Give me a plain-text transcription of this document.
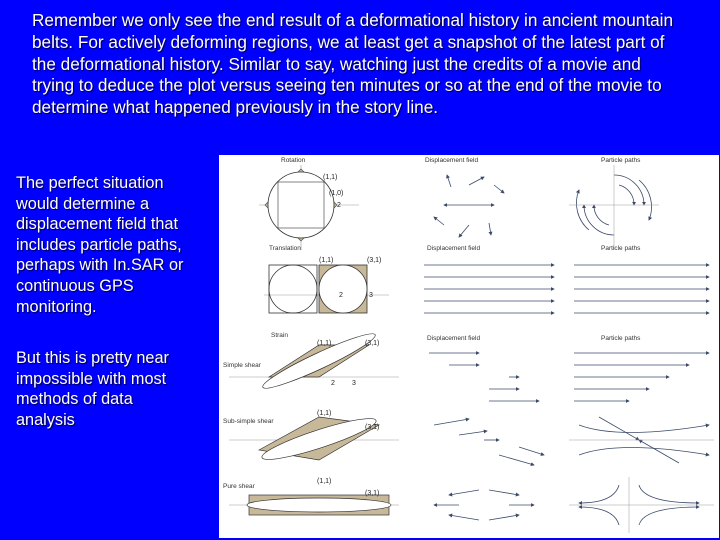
Remember we only see the end result of a deformational history in ancient mountain belts. For actively deforming regions, we at least get a snapshot of the latest part of the deformational history. Similar to say, watching just the credits of a movie and trying to deduce the plot versus seeing ten minutes or so at the end of the movie to determine what happened previously in the story line.
The perfect situation would determine a displacement field that includes particle paths, perhaps with In.SAR or continuous GPS monitoring.
But this is pretty near impossible with most methods of data analysis
Rotation	Displacement field	Particle paths
(1,1)
(1,0)
2
Translation	Displacement field	Particle paths
(1,1)	(3,1)
2	3
Strain	Displacement field	Particle paths
Simple shear
(1,1)	(3,1)
2 3
Sub-simple shear
(1,1)
(3,1)
Pure shear
(1,1)
(3,1)
